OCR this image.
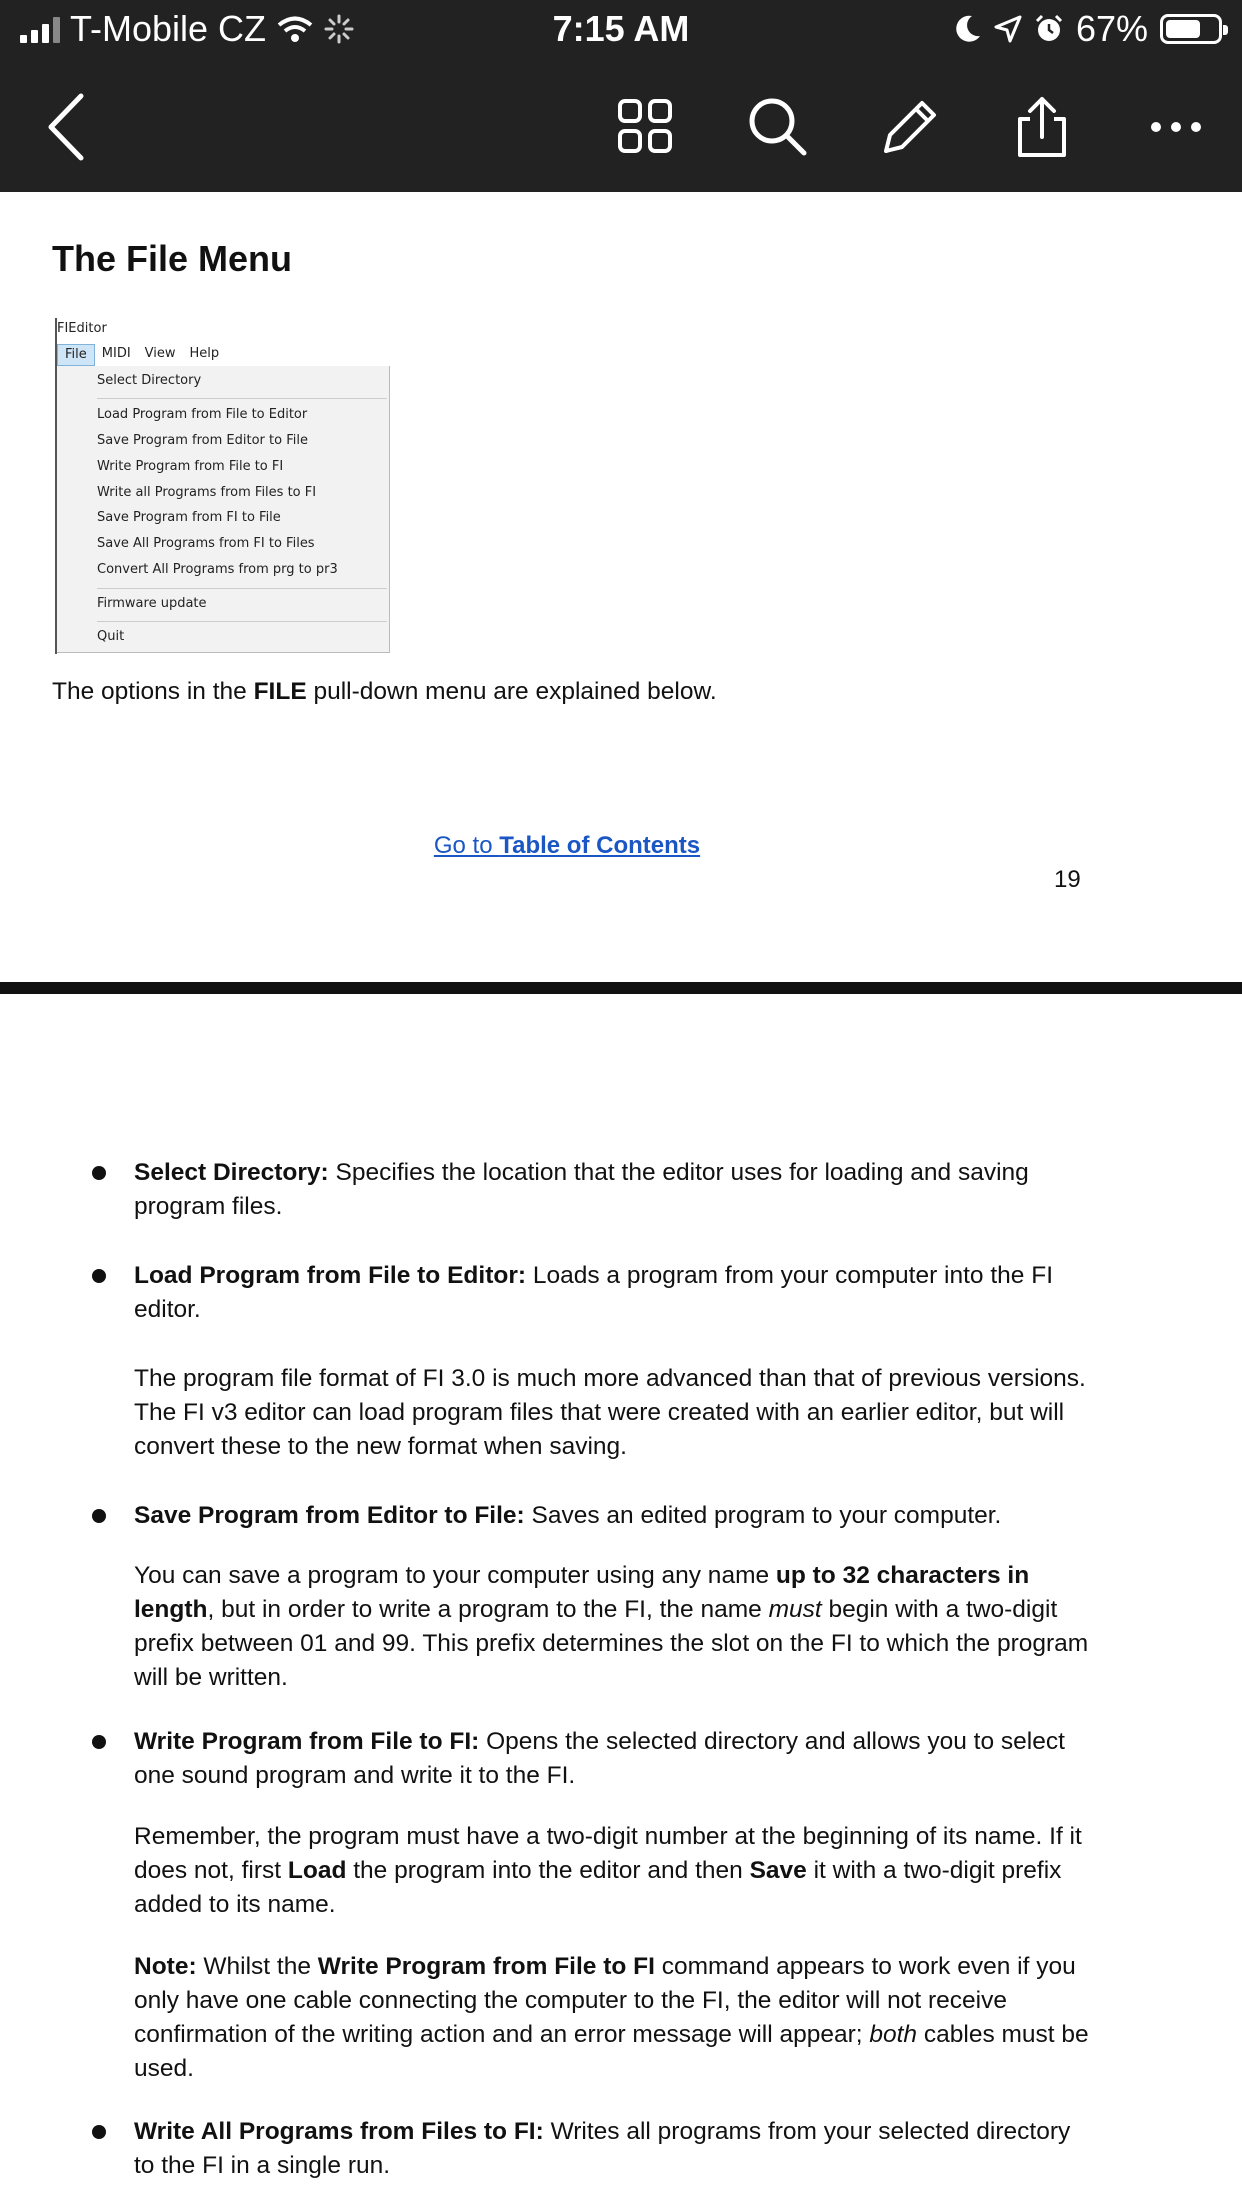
T-Mobile CZ	7:15 AM	67%
The File Menu
FIEditor
File	MIDI	View	Help
Select Directory
Load Program from File to Editor
Save Program from Editor to File
Write Program from File to FI
Write all Programs from Files to FI
Save Program from FI to File
Save All Programs from FI to Files
Convert All Programs from prg to pr3
Firmware update
Quit
The options in the FILE pull-down menu are explained below.
Go to Table of Contents
19
Select Directory: Specifies the location that the editor uses for loading and saving program files.
Load Program from File to Editor: Loads a program from your computer into the FI editor.
The program file format of FI 3.0 is much more advanced than that of previous versions. The FI v3 editor can load program files that were created with an earlier editor, but will convert these to the new format when saving.
Save Program from Editor to File: Saves an edited program to your computer.
You can save a program to your computer using any name up to 32 characters in length, but in order to write a program to the FI, the name must begin with a two-digit prefix between 01 and 99. This prefix determines the slot on the FI to which the program will be written.
Write Program from File to FI: Opens the selected directory and allows you to select one sound program and write it to the FI.
Remember, the program must have a two-digit number at the beginning of its name. If it does not, first Load the program into the editor and then Save it with a two-digit prefix added to its name.
Note: Whilst the Write Program from File to FI command appears to work even if you only have one cable connecting the computer to the FI, the editor will not receive confirmation of the writing action and an error message will appear; both cables must be used.
Write All Programs from Files to FI: Writes all programs from your selected directory to the FI in a single run.
